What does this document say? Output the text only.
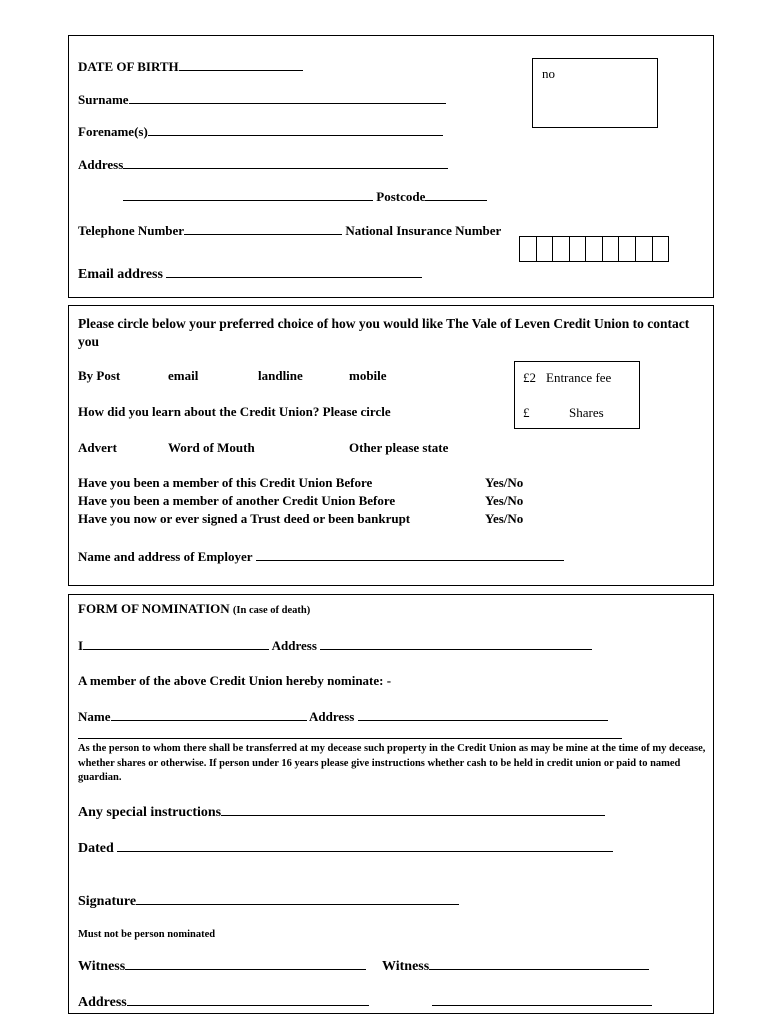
DATE OF BIRTH	no
Surname
Forename(s)
Address
Postcode
Telephone Number	National Insurance Number
Email address
Please circle below your preferred choice of how you would like The Vale of Leven Credit Union to contact you
By Post	email	landline	mobile	£2 Entrance fee
£	Shares
How did you learn about the Credit Union? Please circle
Advert	Word of Mouth	Other please state
Have you been a member of this Credit Union Before	Yes/No
Have you been a member of another Credit Union Before	Yes/No
Have you now or ever signed a Trust deed or been bankrupt	Yes/No
Name and address of Employer
FORM OF NOMINATION (In case of death)
I	Address
A member of the above Credit Union hereby nominate: -
Name	Address
As the person to whom there shall be transferred at my decease such property in the Credit Union as may be mine at the time of my decease, whether shares or otherwise. If person under 16 years please give instructions whether cash to be held in credit union or paid to named guardian.
Any special instructions
Dated
Signature
Must not be person nominated
Witness	Witness
Address
